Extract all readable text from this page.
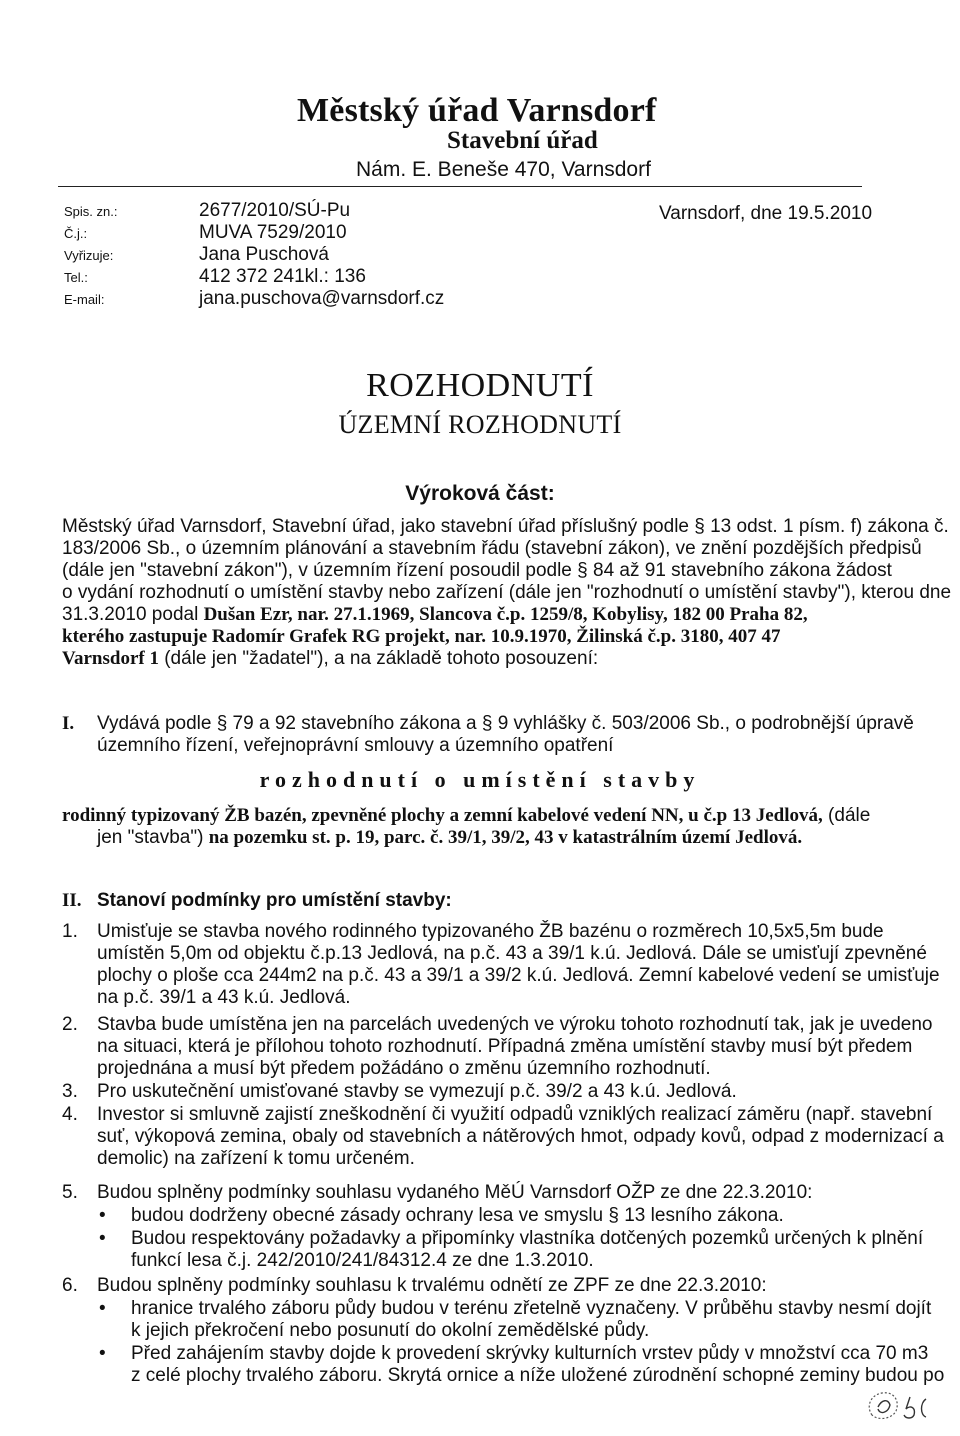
Městský úřad Varnsdorf
Stavební úřad
Nám. E. Beneše 470, Varnsdorf
Spis. zn.:
Č.j.:
Vyřizuje:
Tel.:
E-mail:
2677/2010/SÚ-Pu
MUVA 7529/2010
Jana Puschová
412 372 241kl.: 136
jana.puschova@varnsdorf.cz
Varnsdorf, dne 19.5.2010
ROZHODNUTÍ
ÚZEMNÍ ROZHODNUTÍ
Výroková část:
Městský úřad Varnsdorf, Stavební úřad, jako stavební úřad příslušný podle § 13 odst. 1 písm. f) zákona č.
183/2006 Sb., o územním plánování a stavebním řádu (stavební zákon), ve znění pozdějších předpisů
(dále jen "stavební zákon"), v územním řízení posoudil podle § 84 až 91 stavebního zákona žádost
o vydání rozhodnutí o umístění stavby nebo zařízení (dále jen "rozhodnutí o umístění stavby"), kterou dne
31.3.2010 podal Dušan Ezr, nar. 27.1.1969, Slancova č.p. 1259/8, Kobylisy, 182 00 Praha 82,
kterého zastupuje Radomír Grafek RG projekt, nar. 10.9.1970, Žilinská č.p. 3180, 407 47
Varnsdorf 1 (dále jen "žadatel"), a na základě tohoto posouzení:
I. Vydává podle § 79 a 92 stavebního zákona a § 9 vyhlášky č. 503/2006 Sb., o podrobnější úpravě
územního řízení, veřejnoprávní smlouvy a územního opatření
rozhodnutí o umístění stavby
rodinný typizovaný ŽB bazén, zpevněné plochy a zemní kabelové vedení NN, u č.p 13 Jedlová, (dále
jen "stavba") na pozemku st. p. 19, parc. č. 39/1, 39/2, 43 v katastrálním území Jedlová.
II. Stanoví podmínky pro umístění stavby:
1. Umisťuje se stavba nového rodinného typizovaného ŽB bazénu o rozměrech 10,5x5,5m bude
umístěn 5,0m od objektu č.p.13 Jedlová, na p.č. 43 a 39/1 k.ú. Jedlová. Dále se umisťují zpevněné
plochy o ploše cca 244m2 na p.č. 43 a 39/1 a 39/2 k.ú. Jedlová. Zemní kabelové vedení se umisťuje
na p.č. 39/1 a 43 k.ú. Jedlová.
2. Stavba bude umístěna jen na parcelách uvedených ve výroku tohoto rozhodnutí tak, jak je uvedeno
na situaci, která je přílohou tohoto rozhodnutí. Případná změna umístění stavby musí být předem
projednána a musí být předem požádáno o změnu územního rozhodnutí.
3. Pro uskutečnění umisťované stavby se vymezují p.č. 39/2 a 43 k.ú. Jedlová.
4. Investor si smluvně zajistí zneškodnění či využití odpadů vzniklých realizací záměru (např. stavební
suť, výkopová zemina, obaly od stavebních a nátěrových hmot, odpady kovů, odpad z modernizací a
demolic) na zařízení k tomu určeném.
5. Budou splněny podmínky souhlasu vydaného MěÚ Varnsdorf OŽP ze dne 22.3.2010:
• budou dodrženy obecné zásady ochrany lesa ve smyslu § 13 lesního zákona.
• Budou respektovány požadavky a připomínky vlastníka dotčených pozemků určených k plnění
funkcí lesa č.j. 242/2010/241/84312.4 ze dne 1.3.2010.
6. Budou splněny podmínky souhlasu k trvalému odnětí ze ZPF ze dne 22.3.2010:
• hranice trvalého záboru půdy budou v terénu zřetelně vyznačeny. V průběhu stavby nesmí dojít
k jejich překročení nebo posunutí do okolní zemědělské půdy.
• Před zahájením stavby dojde k provedení skrývky kulturních vrstev půdy v množství cca 70 m3
z celé plochy trvalého záboru. Skrytá ornice a níže uložené zúrodnění schopné zeminy budou po
